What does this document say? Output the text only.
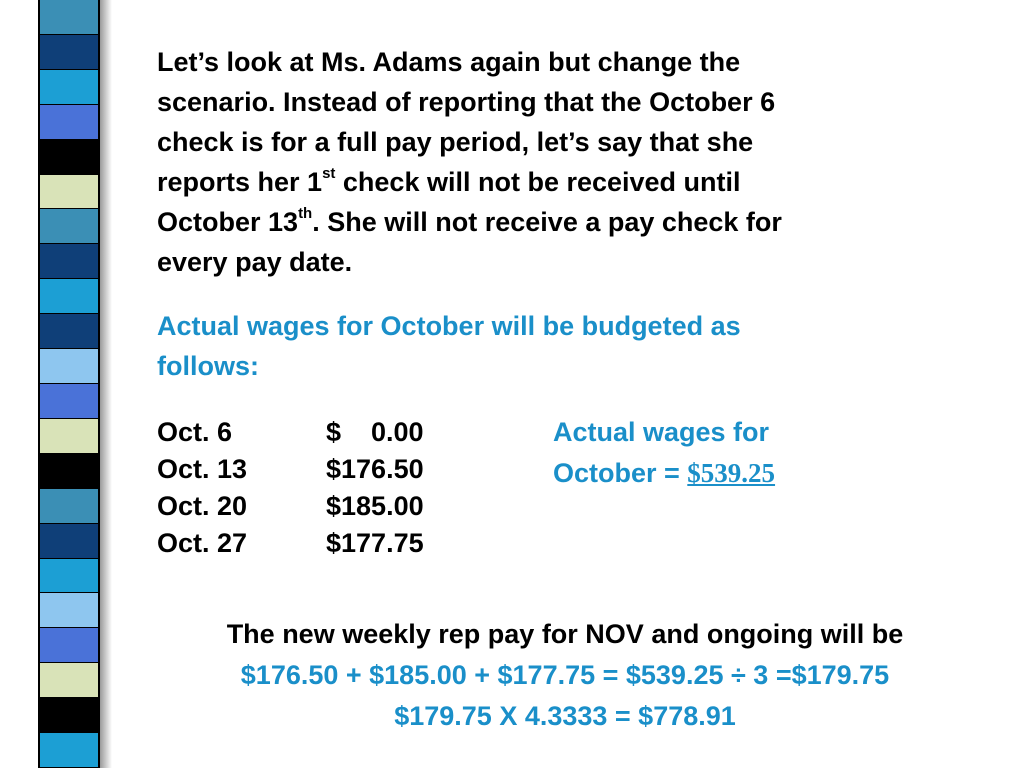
Let’s look at Ms. Adams again but change the
scenario. Instead of reporting that the October 6
check is for a full pay period, let’s say that she
reports her 1st check will not be received until
October 13th. She will not receive a pay check for
every pay date.
Actual wages for October will be budgeted as
follows:
Oct. 6	$    0.00
Oct. 13	$176.50
Oct. 20	$185.00
Oct. 27	$177.75
Actual wages for
October = $539.25
The new weekly rep pay for NOV and ongoing will be
$176.50 + $185.00 + $177.75 = $539.25 ÷ 3 =$179.75
$179.75 X 4.3333 = $778.91
